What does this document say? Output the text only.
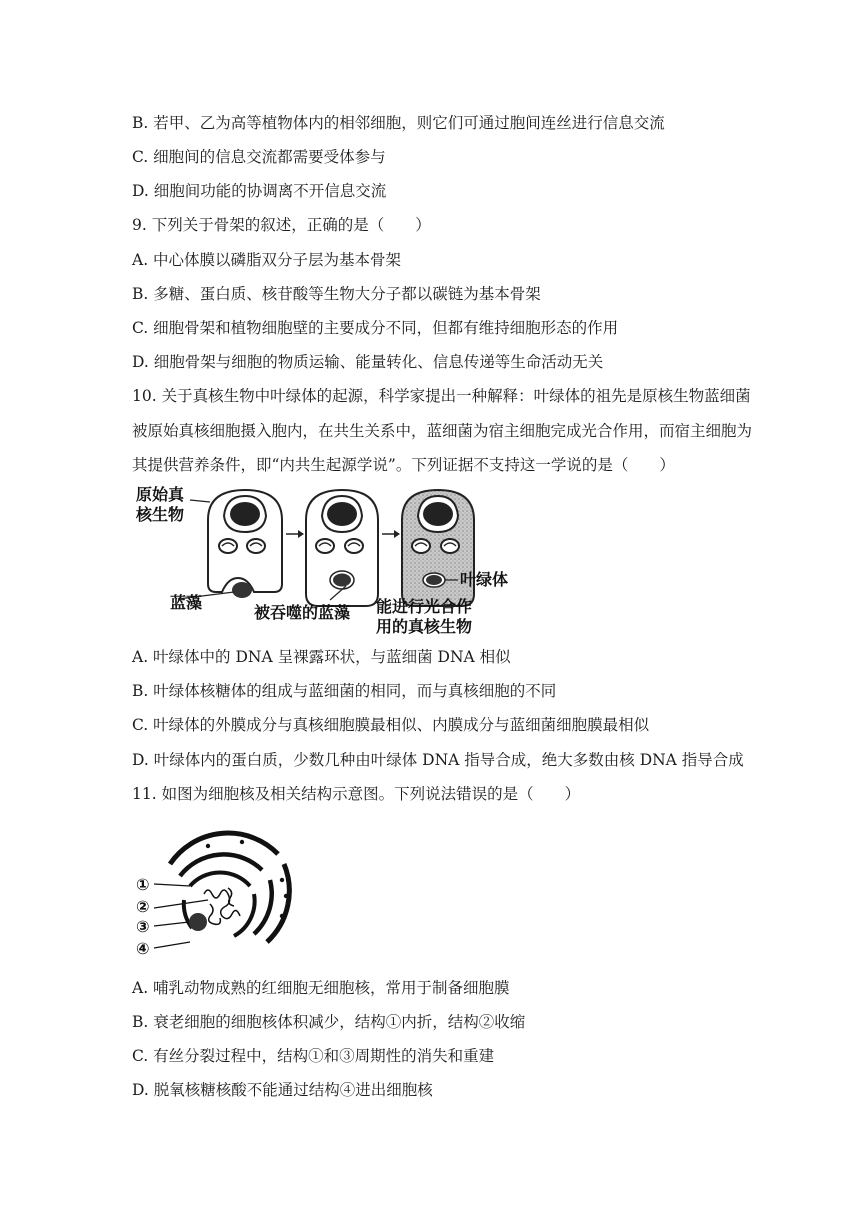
B. 若甲、乙为高等植物体内的相邻细胞，则它们可通过胞间连丝进行信息交流
C. 细胞间的信息交流都需要受体参与
D. 细胞间功能的协调离不开信息交流
9. 下列关于骨架的叙述，正确的是（　　）
A. 中心体膜以磷脂双分子层为基本骨架
B. 多糖、蛋白质、核苷酸等生物大分子都以碳链为基本骨架
C. 细胞骨架和植物细胞壁的主要成分不同，但都有维持细胞形态的作用
D. 细胞骨架与细胞的物质运输、能量转化、信息传递等生命活动无关
10. 关于真核生物中叶绿体的起源，科学家提出一种解释：叶绿体的祖先是原核生物蓝细菌
被原始真核细胞摄入胞内，在共生关系中，蓝细菌为宿主细胞完成光合作用，而宿主细胞为
其提供营养条件，即“内共生起源学说”。下列证据不支持这一学说的是（　　）
原始真
核生物
蓝藻
被吞噬的蓝藻
叶绿体
能进行光合作
用的真核生物
A. 叶绿体中的 DNA 呈裸露环状，与蓝细菌 DNA 相似
B. 叶绿体核糖体的组成与蓝细菌的相同，而与真核细胞的不同
C. 叶绿体的外膜成分与真核细胞膜最相似、内膜成分与蓝细菌细胞膜最相似
D. 叶绿体内的蛋白质，少数几种由叶绿体 DNA 指导合成，绝大多数由核 DNA 指导合成
11. 如图为细胞核及相关结构示意图。下列说法错误的是（　　）
①
②
③
④
A. 哺乳动物成熟的红细胞无细胞核，常用于制备细胞膜
B. 衰老细胞的细胞核体积减少，结构①内折，结构②收缩
C. 有丝分裂过程中，结构①和③周期性的消失和重建
D. 脱氧核糖核酸不能通过结构④进出细胞核
